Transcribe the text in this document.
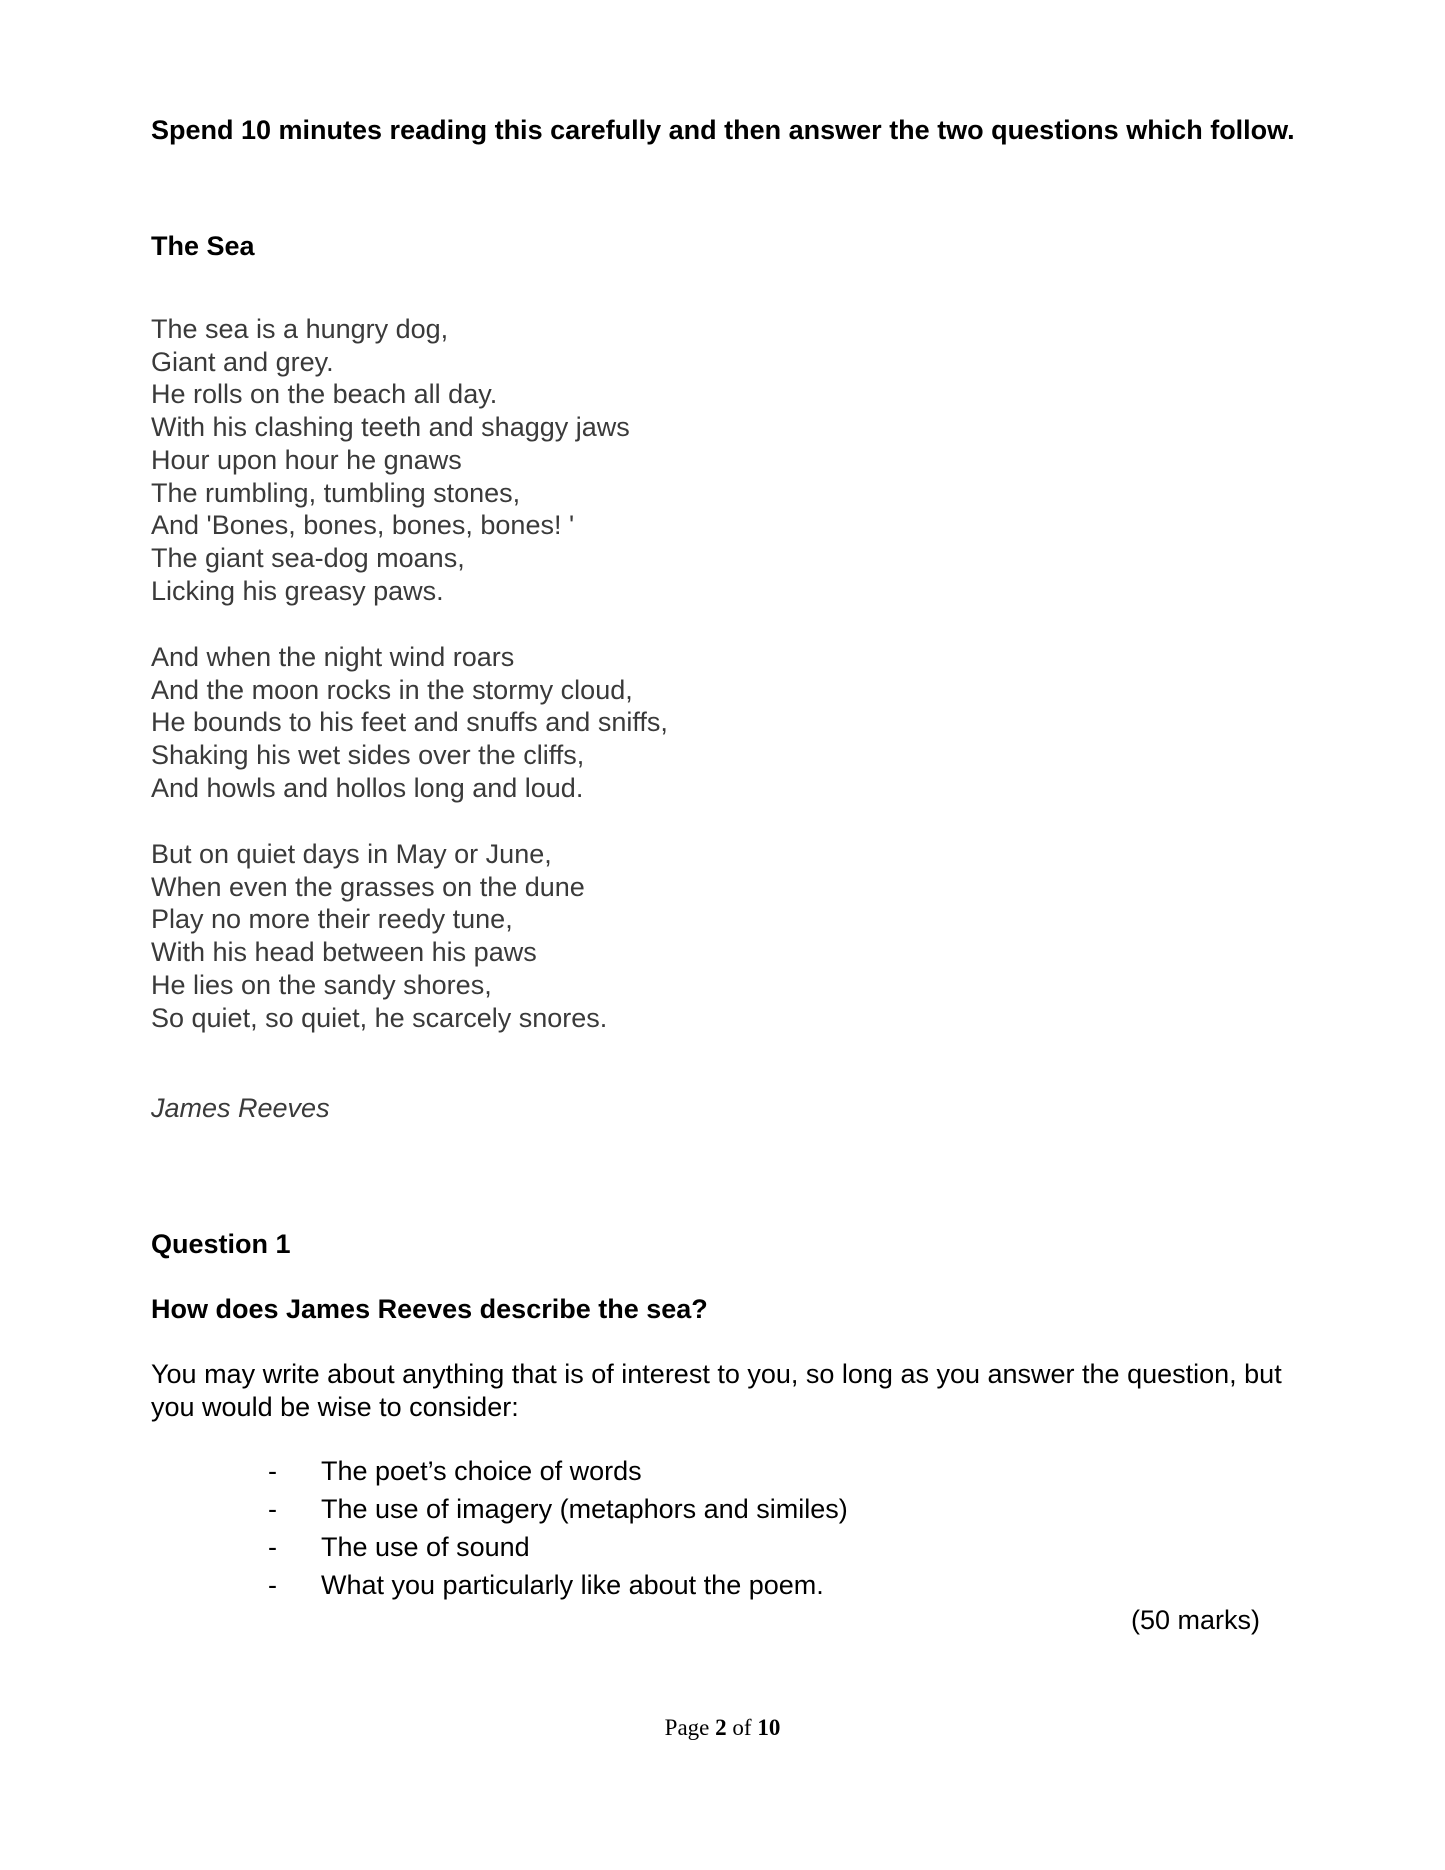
Spend 10 minutes reading this carefully and then answer the two questions which follow.
The Sea
The sea is a hungry dog,
Giant and grey.
He rolls on the beach all day.
With his clashing teeth and shaggy jaws
Hour upon hour he gnaws
The rumbling, tumbling stones,
And 'Bones, bones, bones, bones! '
The giant sea-dog moans,
Licking his greasy paws.
And when the night wind roars
And the moon rocks in the stormy cloud,
He bounds to his feet and snuffs and sniffs,
Shaking his wet sides over the cliffs,
And howls and hollos long and loud.
But on quiet days in May or June,
When even the grasses on the dune
Play no more their reedy tune,
With his head between his paws
He lies on the sandy shores,
So quiet, so quiet, he scarcely snores.
James Reeves
Question 1
How does James Reeves describe the sea?
You may write about anything that is of interest to you, so long as you answer the question, but you would be wise to consider:
- The poet’s choice of words
- The use of imagery (metaphors and similes)
- The use of sound
- What you particularly like about the poem.
(50 marks)
Page 2 of 10
